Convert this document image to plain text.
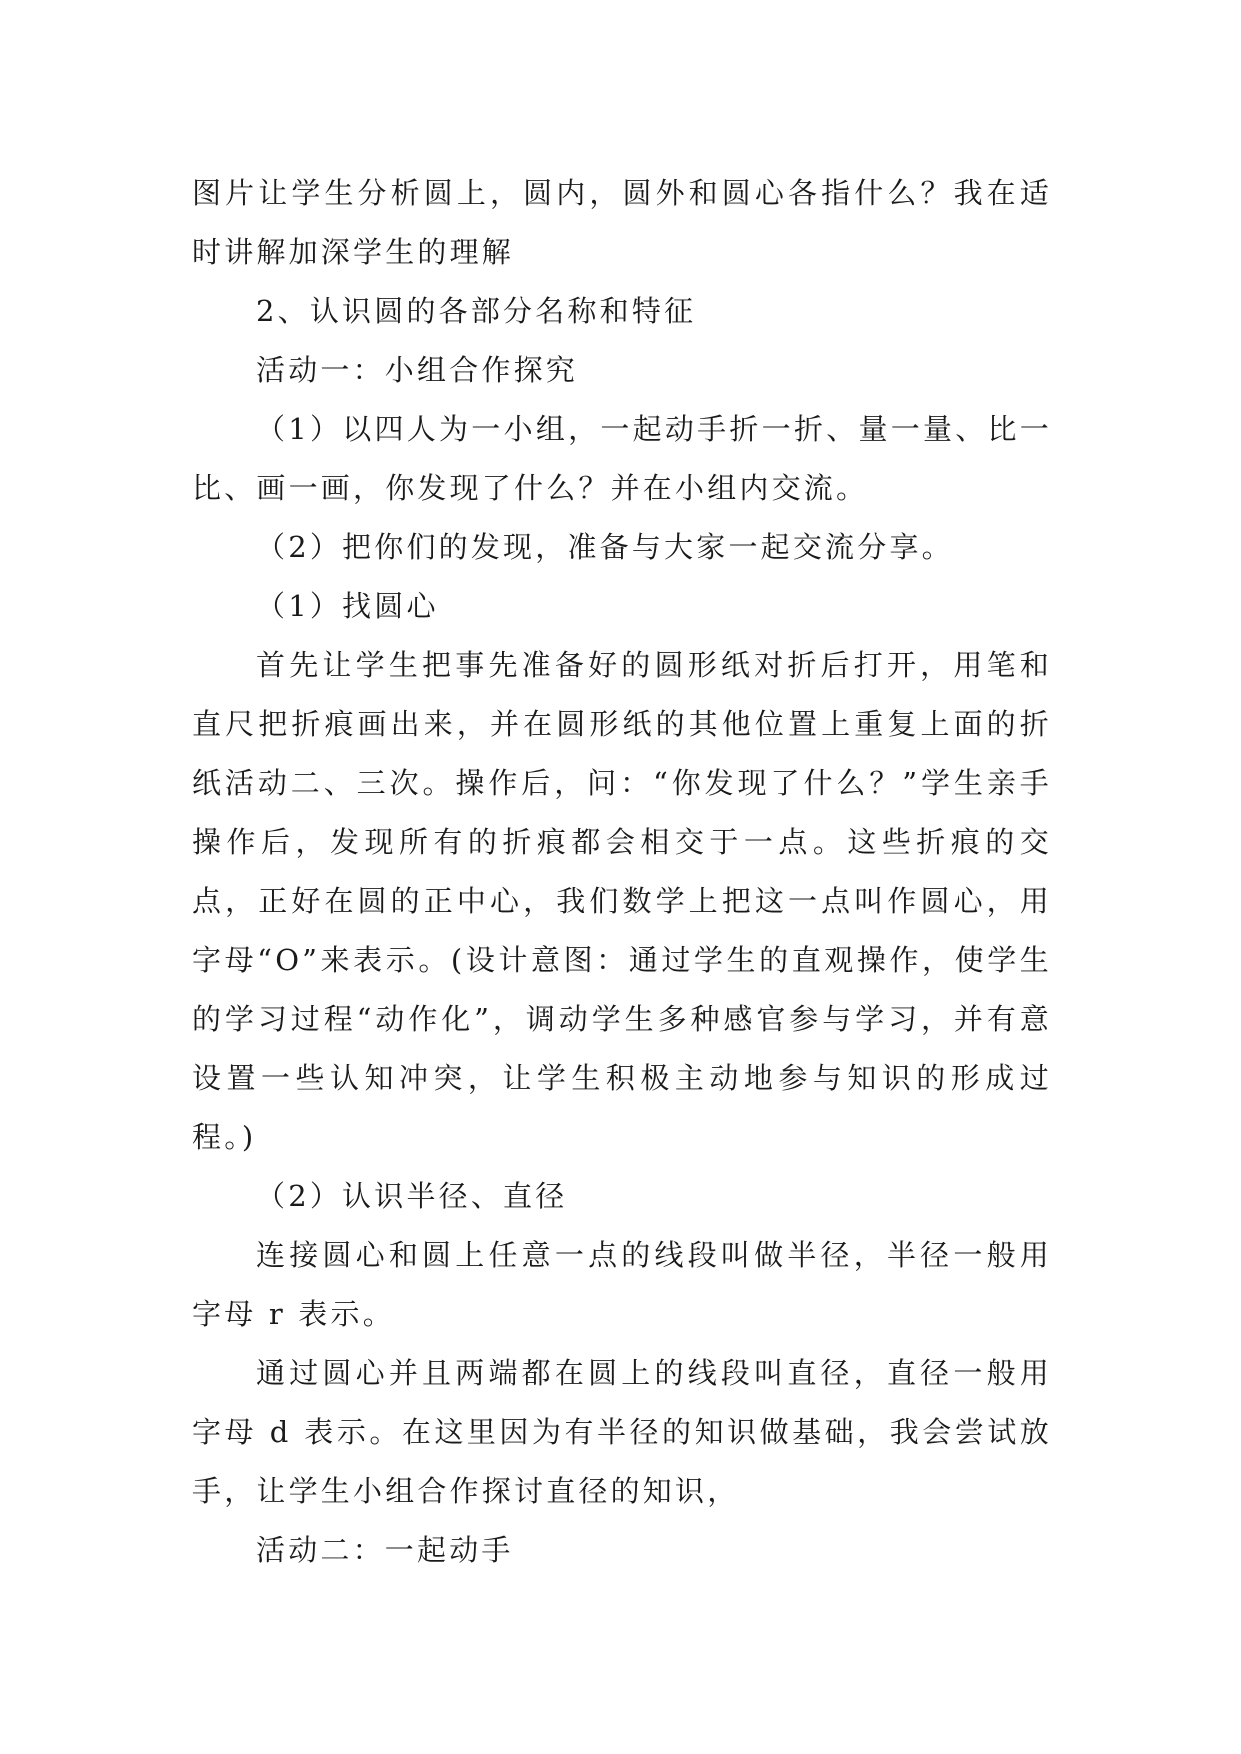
图片让学生分析圆上，圆内，圆外和圆心各指什么？我在适时讲解加深学生的理解

2、认识圆的各部分名称和特征

活动一：小组合作探究

（1）以四人为一小组，一起动手折一折、量一量、比一比、画一画，你发现了什么？并在小组内交流。

（2）把你们的发现，准备与大家一起交流分享。

（1）找圆心

首先让学生把事先准备好的圆形纸对折后打开，用笔和直尺把折痕画出来，并在圆形纸的其他位置上重复上面的折纸活动二、三次。操作后，问：“你发现了什么？”学生亲手操作后，发现所有的折痕都会相交于一点。这些折痕的交点，正好在圆的正中心，我们数学上把这一点叫作圆心，用字母“O”来表示。(设计意图：通过学生的直观操作，使学生的学习过程“动作化”，调动学生多种感官参与学习，并有意设置一些认知冲突，让学生积极主动地参与知识的形成过程。)

（2）认识半径、直径

连接圆心和圆上任意一点的线段叫做半径，半径一般用字母 r 表示。

通过圆心并且两端都在圆上的线段叫直径，直径一般用字母 d 表示。在这里因为有半径的知识做基础，我会尝试放手，让学生小组合作探讨直径的知识，

活动二：一起动手
